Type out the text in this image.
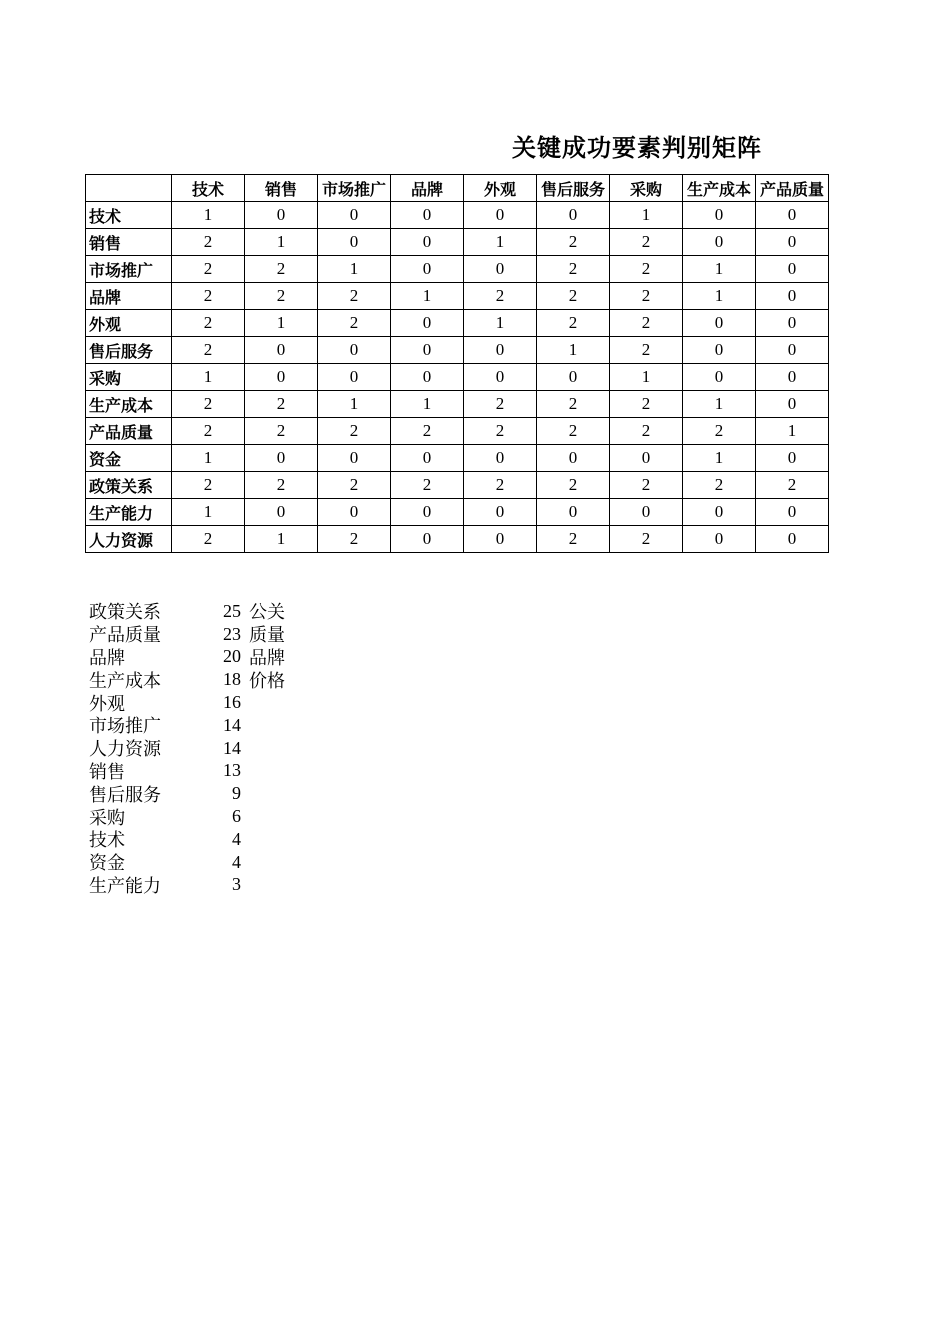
关键成功要素判别矩阵
	技术	销售	市场推广	品牌	外观	售后服务	采购	生产成本	产品质量
技术	1	0	0	0	0	0	1	0	0
销售	2	1	0	0	1	2	2	0	0
市场推广	2	2	1	0	0	2	2	1	0
品牌	2	2	2	1	2	2	2	1	0
外观	2	1	2	0	1	2	2	0	0
售后服务	2	0	0	0	0	1	2	0	0
采购	1	0	0	0	0	0	1	0	0
生产成本	2	2	1	1	2	2	2	1	0
产品质量	2	2	2	2	2	2	2	2	1
资金	1	0	0	0	0	0	0	1	0
政策关系	2	2	2	2	2	2	2	2	2
生产能力	1	0	0	0	0	0	0	0	0
人力资源	2	1	2	0	0	2	2	0	0
政策关系	25 公关
产品质量	23 质量
品牌	20 品牌
生产成本	18 价格
外观	16
市场推广	14
人力资源	14
销售	13
售后服务	9
采购	6
技术	4
资金	4
生产能力	3
